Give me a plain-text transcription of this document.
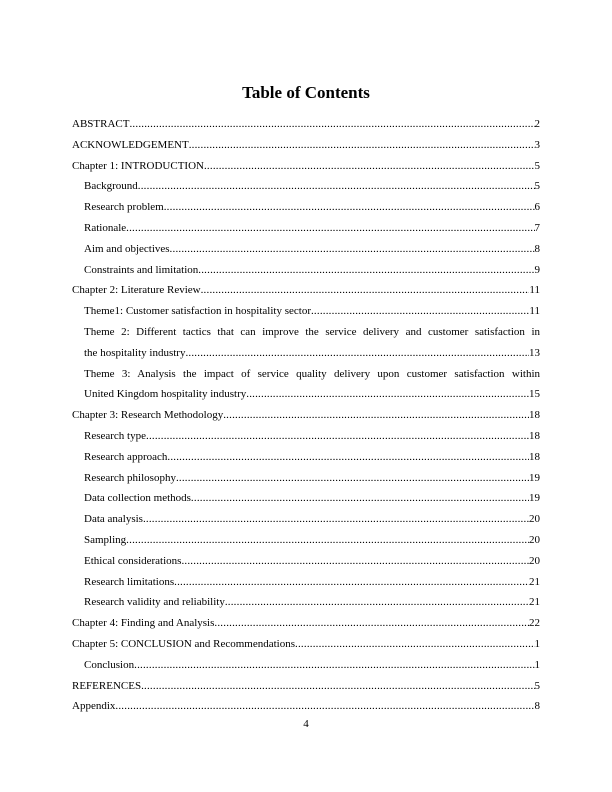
Table of Contents
ABSTRACT .....	2
ACKNOWLEDGEMENT .....	3
Chapter 1: INTRODUCTION .....	5
Background .....	5
Research problem .....	6
Rationale .....	7
Aim and objectives .....	8
Constraints and limitation .....	9
Chapter 2: Literature Review .....	11
Theme1: Customer satisfaction in hospitality sector .....	11
Theme 2: Different tactics that can improve the service delivery and customer satisfaction in
the hospitality industry .....	13
Theme 3: Analysis the impact of service quality delivery upon customer satisfaction within
United Kingdom hospitality industry .....	15
Chapter 3: Research Methodology .....	18
Research type .....	18
Research approach .....	18
Research philosophy .....	19
Data collection methods .....	19
Data analysis .....	20
Sampling .....	20
Ethical considerations .....	20
Research limitations .....	21
Research validity and reliability .....	21
Chapter 4: Finding and Analysis .....	22
Chapter 5: CONCLUSION and Recommendations .....	1
Conclusion .....	1
REFERENCES .....	5
Appendix .....	8
4
